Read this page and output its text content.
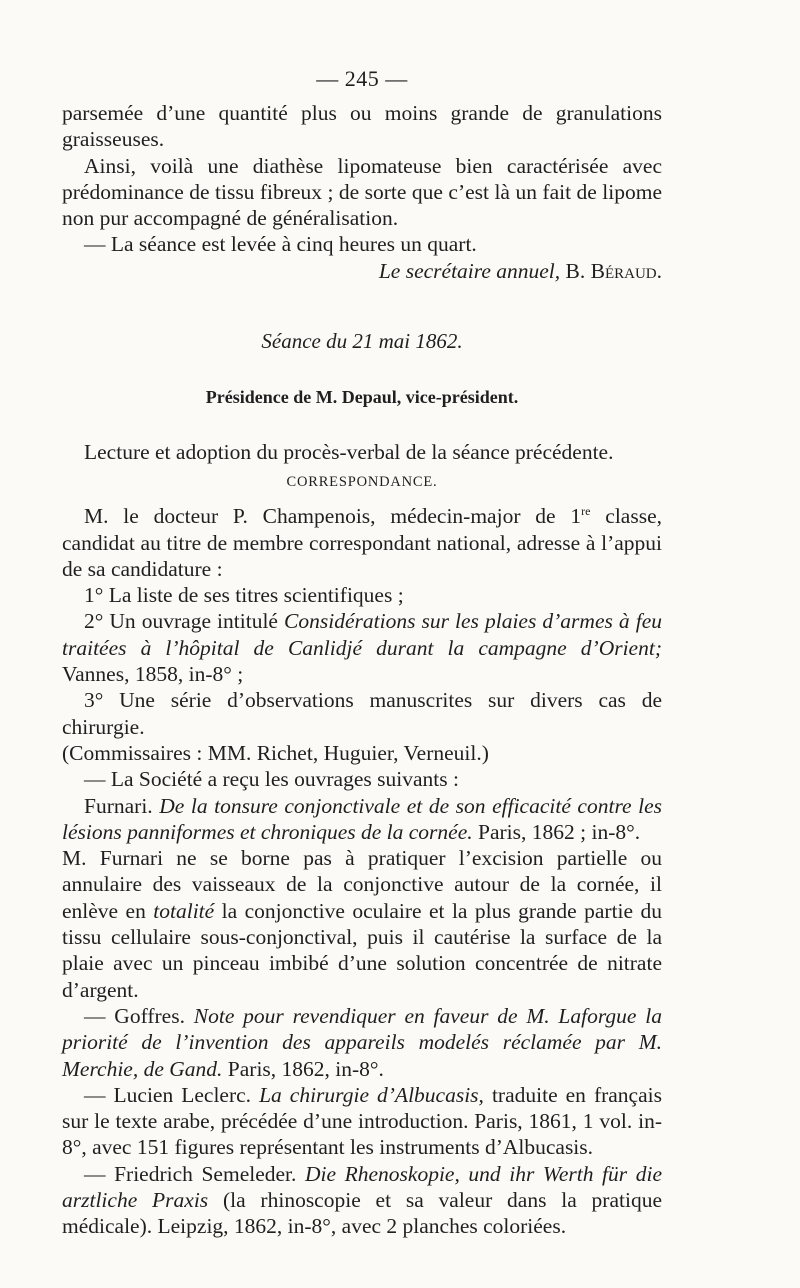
— 245 —

parsemée d’une quantité plus ou moins grande de granulations graisseuses.

Ainsi, voilà une diathèse lipomateuse bien caractérisée avec prédominance de tissu fibreux ; de sorte que c’est là un fait de lipome non pur accompagné de généralisation.

— La séance est levée à cinq heures un quart.

Le secrétaire annuel, B. Béraud.

Séance du 21 mai 1862.

Présidence de M. Depaul, vice-président.

Lecture et adoption du procès-verbal de la séance précédente.

CORRESPONDANCE.

M. le docteur P. Champenois, médecin-major de 1re classe, candidat au titre de membre correspondant national, adresse à l’appui de sa candidature :

1° La liste de ses titres scientifiques ;

2° Un ouvrage intitulé Considérations sur les plaies d’armes à feu traitées à l’hôpital de Canlidjé durant la campagne d’Orient; Vannes, 1858, in-8° ;

3° Une série d’observations manuscrites sur divers cas de chirurgie.

(Commissaires : MM. Richet, Huguier, Verneuil.)

— La Société a reçu les ouvrages suivants :

Furnari. De la tonsure conjonctivale et de son efficacité contre les lésions panniformes et chroniques de la cornée. Paris, 1862 ; in-8°.

M. Furnari ne se borne pas à pratiquer l’excision partielle ou annulaire des vaisseaux de la conjonctive autour de la cornée, il enlève en totalité la conjonctive oculaire et la plus grande partie du tissu cellulaire sous-conjonctival, puis il cautérise la surface de la plaie avec un pinceau imbibé d’une solution concentrée de nitrate d’argent.

— Goffres. Note pour revendiquer en faveur de M. Laforgue la priorité de l’invention des appareils modelés réclamée par M. Merchie, de Gand. Paris, 1862, in-8°.

— Lucien Leclerc. La chirurgie d’Albucasis, traduite en français sur le texte arabe, précédée d’une introduction. Paris, 1861, 1 vol. in-8°, avec 151 figures représentant les instruments d’Albucasis.

— Friedrich Semeleder. Die Rhenoskopie, und ihr Werth für die arztliche Praxis (la rhinoscopie et sa valeur dans la pratique médicale). Leipzig, 1862, in-8°, avec 2 planches coloriées.
